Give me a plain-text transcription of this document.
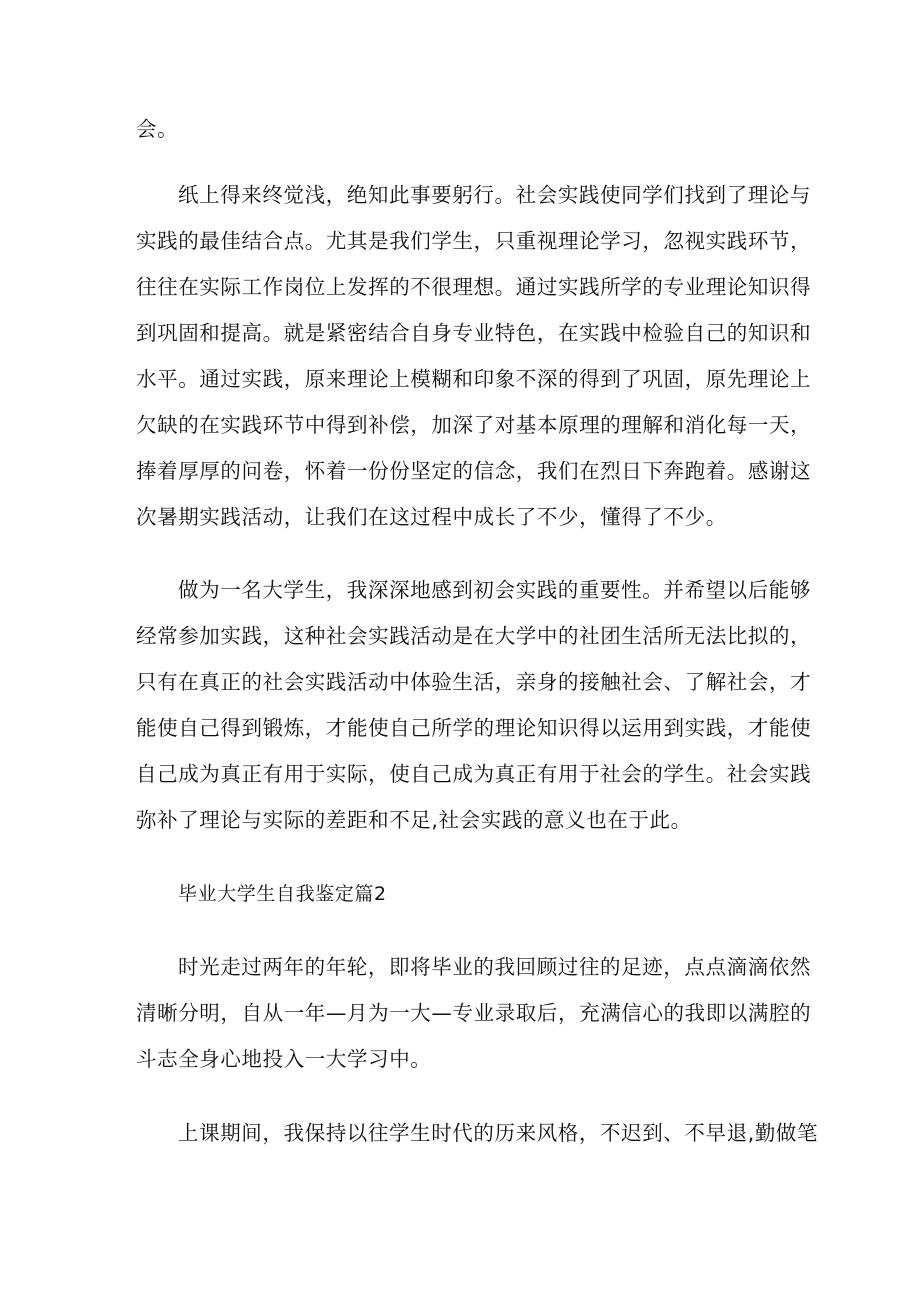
会。
纸上得来终觉浅，绝知此事要躬行。社会实践使同学们找到了理论与
实践的最佳结合点。尤其是我们学生，只重视理论学习，忽视实践环节，
往往在实际工作岗位上发挥的不很理想。通过实践所学的专业理论知识得
到巩固和提高。就是紧密结合自身专业特色，在实践中检验自己的知识和
水平。通过实践，原来理论上模糊和印象不深的得到了巩固，原先理论上
欠缺的在实践环节中得到补偿，加深了对基本原理的理解和消化每一天，
捧着厚厚的问卷，怀着一份份坚定的信念，我们在烈日下奔跑着。感谢这
次暑期实践活动，让我们在这过程中成长了不少，懂得了不少。
做为一名大学生，我深深地感到初会实践的重要性。并希望以后能够
经常参加实践，这种社会实践活动是在大学中的社团生活所无法比拟的，
只有在真正的社会实践活动中体验生活，亲身的接触社会、了解社会，才
能使自己得到锻炼，才能使自己所学的理论知识得以运用到实践，才能使
自己成为真正有用于实际，使自己成为真正有用于社会的学生。社会实践
弥补了理论与实际的差距和不足,社会实践的意义也在于此。
毕业大学生自我鉴定篇2
时光走过两年的年轮，即将毕业的我回顾过往的足迹，点点滴滴依然
清晰分明，自从一年—月为一大—专业录取后，充满信心的我即以满腔的
斗志全身心地投入一大学习中。
上课期间，我保持以往学生时代的历来风格，不迟到、不早退,勤做笔
